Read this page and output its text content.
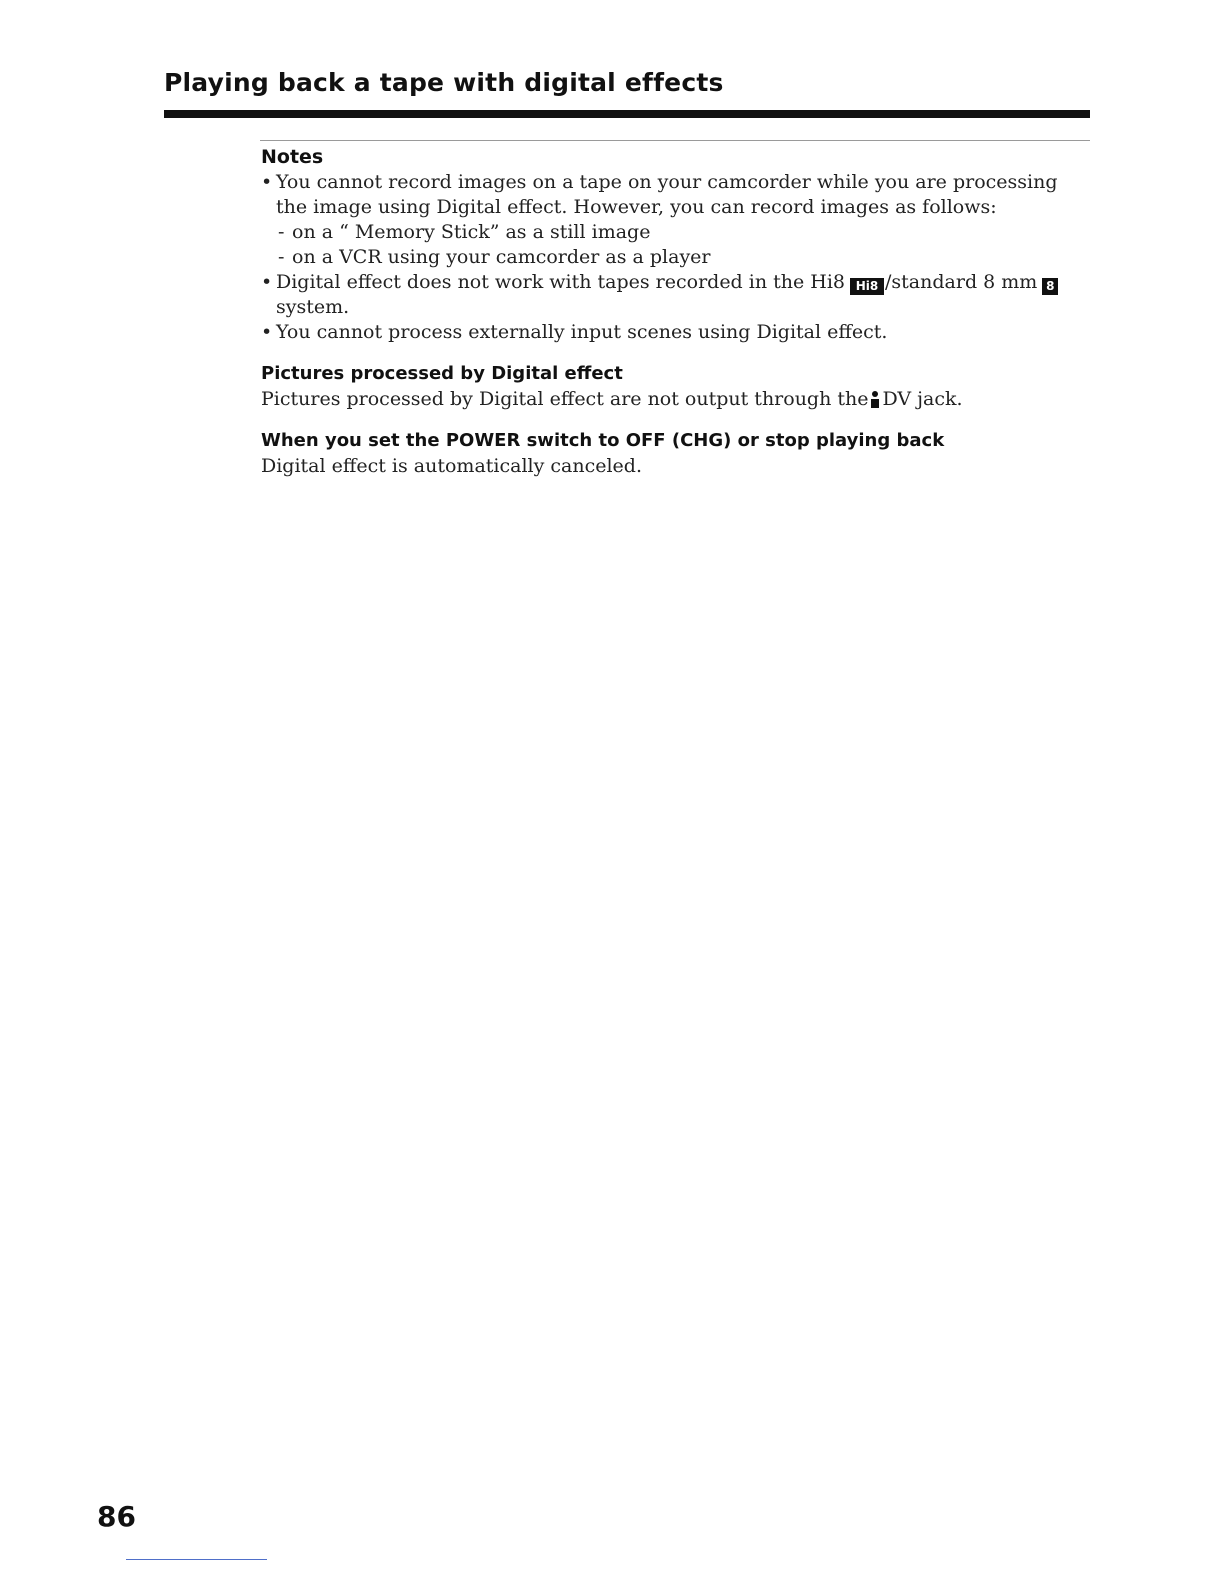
Playing back a tape with digital effects
Notes
• You cannot record images on a tape on your camcorder while you are processing the image using Digital effect. However, you can record images as follows:
- on a “ Memory Stick” as a still image
- on a VCR using your camcorder as a player
• Digital effect does not work with tapes recorded in the Hi8 Hi8 /standard 8 mm 8
system.
• You cannot process externally input scenes using Digital effect.
Pictures processed by Digital effect

Pictures processed by Digital effect are not output through the DV jack.

When you set the POWER switch to OFF (CHG) or stop playing back

Digital effect is automatically canceled.

86
